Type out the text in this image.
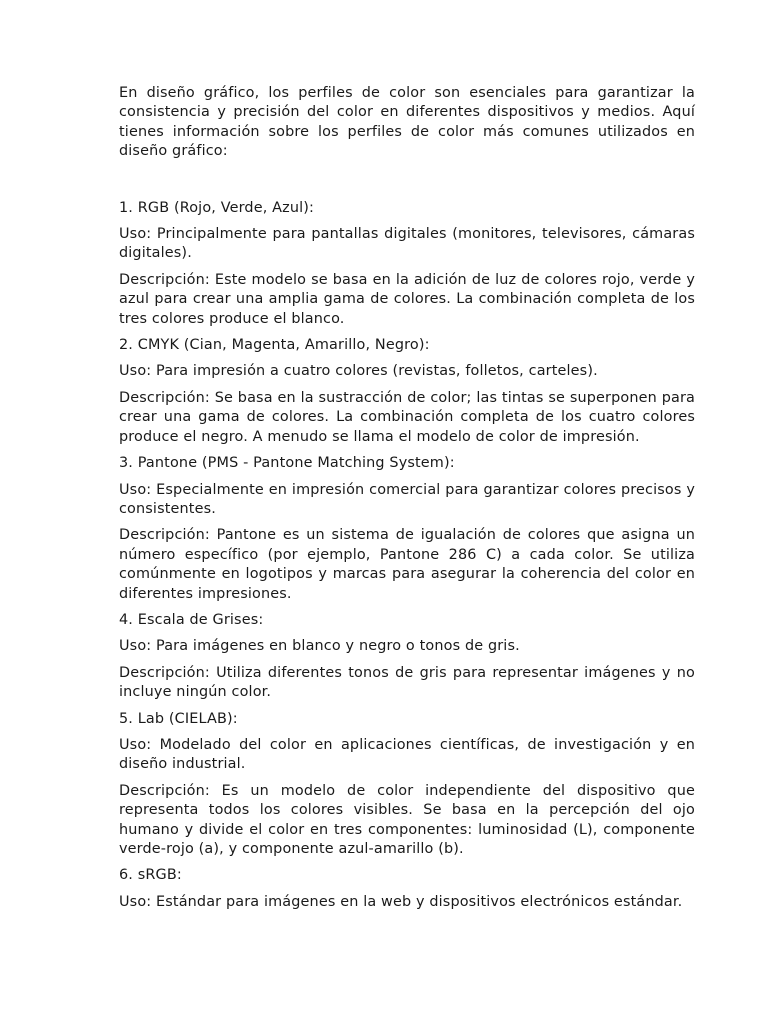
En diseño gráfico, los perfiles de color son esenciales para garantizar la consistencia y precisión del color en diferentes dispositivos y medios. Aquí tienes información sobre los perfiles de color más comunes utilizados en diseño gráfico:

1. RGB (Rojo, Verde, Azul):

Uso: Principalmente para pantallas digitales (monitores, televisores, cámaras digitales).

Descripción: Este modelo se basa en la adición de luz de colores rojo, verde y azul para crear una amplia gama de colores. La combinación completa de los tres colores produce el blanco.

2. CMYK (Cian, Magenta, Amarillo, Negro):

Uso: Para impresión a cuatro colores (revistas, folletos, carteles).

Descripción: Se basa en la sustracción de color; las tintas se superponen para crear una gama de colores. La combinación completa de los cuatro colores produce el negro. A menudo se llama el modelo de color de impresión.

3. Pantone (PMS - Pantone Matching System):

Uso: Especialmente en impresión comercial para garantizar colores precisos y consistentes.

Descripción: Pantone es un sistema de igualación de colores que asigna un número específico (por ejemplo, Pantone 286 C) a cada color. Se utiliza comúnmente en logotipos y marcas para asegurar la coherencia del color en diferentes impresiones.

4. Escala de Grises:

Uso: Para imágenes en blanco y negro o tonos de gris.

Descripción: Utiliza diferentes tonos de gris para representar imágenes y no incluye ningún color.

5. Lab (CIELAB):

Uso: Modelado del color en aplicaciones científicas, de investigación y en diseño industrial.

Descripción: Es un modelo de color independiente del dispositivo que representa todos los colores visibles. Se basa en la percepción del ojo humano y divide el color en tres componentes: luminosidad (L), componente verde-rojo (a), y componente azul-amarillo (b).

6. sRGB:

Uso: Estándar para imágenes en la web y dispositivos electrónicos estándar.
